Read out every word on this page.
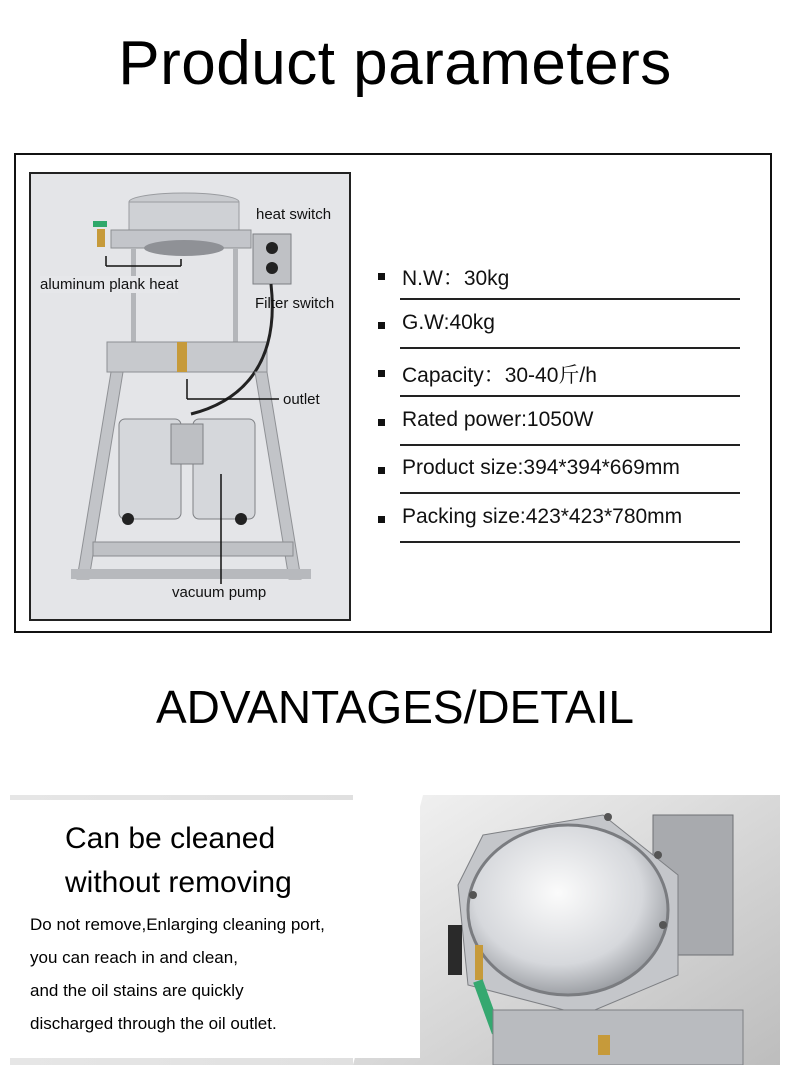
Product parameters
heat switch
aluminum plank heat
Filter switch
outlet
vacuum pump
N.W：30kg
G.W:40kg
Capacity：30-40斤/h
Rated power:1050W
Product size:394*394*669mm
Packing size:423*423*780mm
ADVANTAGES/DETAIL
Can be cleaned
without removing
Do not remove,Enlarging cleaning port,
you can reach in and clean,
and the oil stains are quickly
discharged through the oil outlet.
